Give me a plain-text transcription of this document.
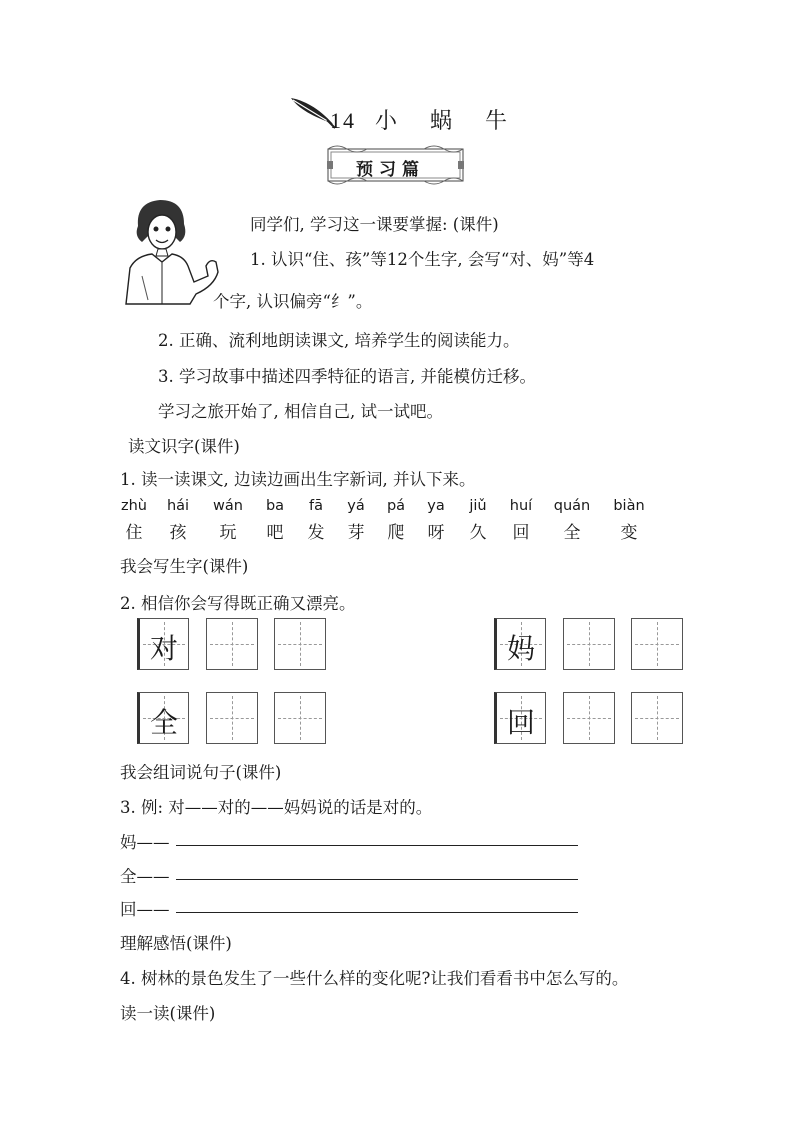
14 小 蜗 牛
预习篇
同学们, 学习这一课要掌握: (课件)
1. 认识“住、孩”等12个生字, 会写“对、妈”等4
个字, 认识偏旁“纟”。
2. 正确、流利地朗读课文, 培养学生的阅读能力。
3. 学习故事中描述四季特征的语言, 并能模仿迁移。
学习之旅开始了, 相信自己, 试一试吧。
读文识字(课件)
1. 读一读课文, 边读边画出生字新词, 并认下来。
zhù	hái	wán	ba	fā	yá	pá	ya	jiǔ	huí	quán	biàn
住	孩	玩	吧	发	芽	爬	呀	久	回	全	变
我会写生字(课件)
2. 相信你会写得既正确又漂亮。
对	妈
全	回
我会组词说句子(课件)
3. 例: 对——对的——妈妈说的话是对的。
妈——
全——
回——
理解感悟(课件)
4. 树林的景色发生了一些什么样的变化呢?让我们看看书中怎么写的。
读一读(课件)
